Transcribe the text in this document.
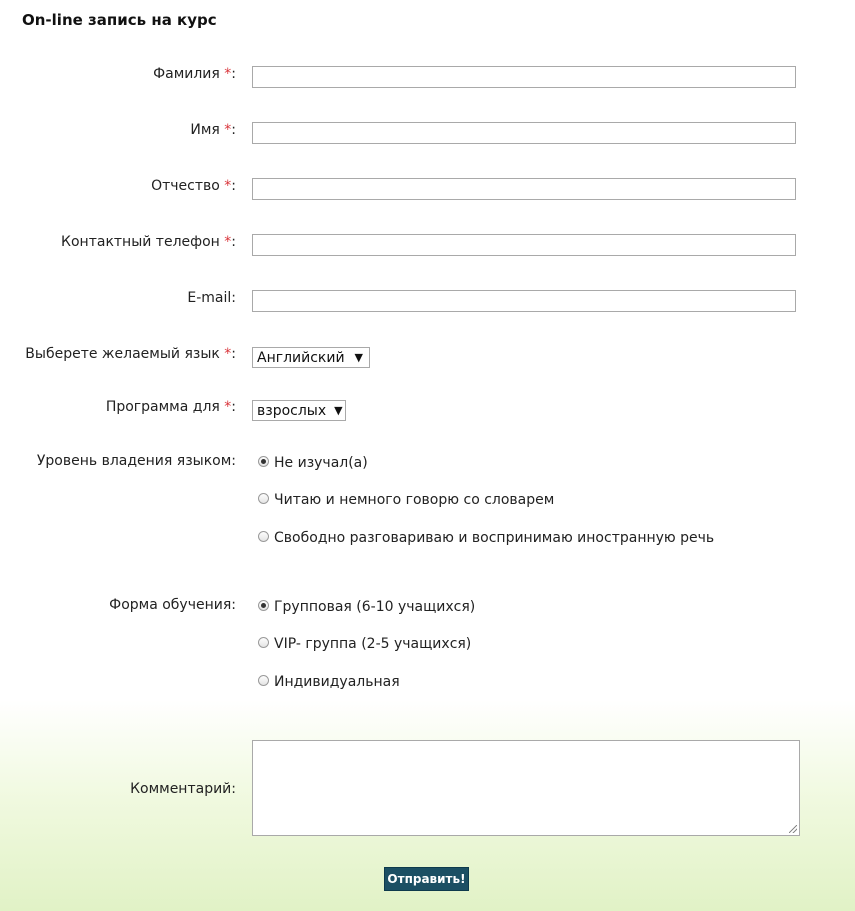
On-line запись на курс
Фамилия *:
Имя *:
Отчество *:
Контактный телефон *:
E-mail:
Выберете желаемый язык *: Английский ▼
Программа для *: взрослых ▼
Уровень владения языком:	Не изучал(а)
Читаю и немного говорю со словарем
Свободно разговариваю и воспринимаю иностранную речь
Форма обучения:	Групповая (6-10 учащихся)
VIP- группа (2-5 учащихся)
Индивидуальная
Комментарий:
Отправить!
